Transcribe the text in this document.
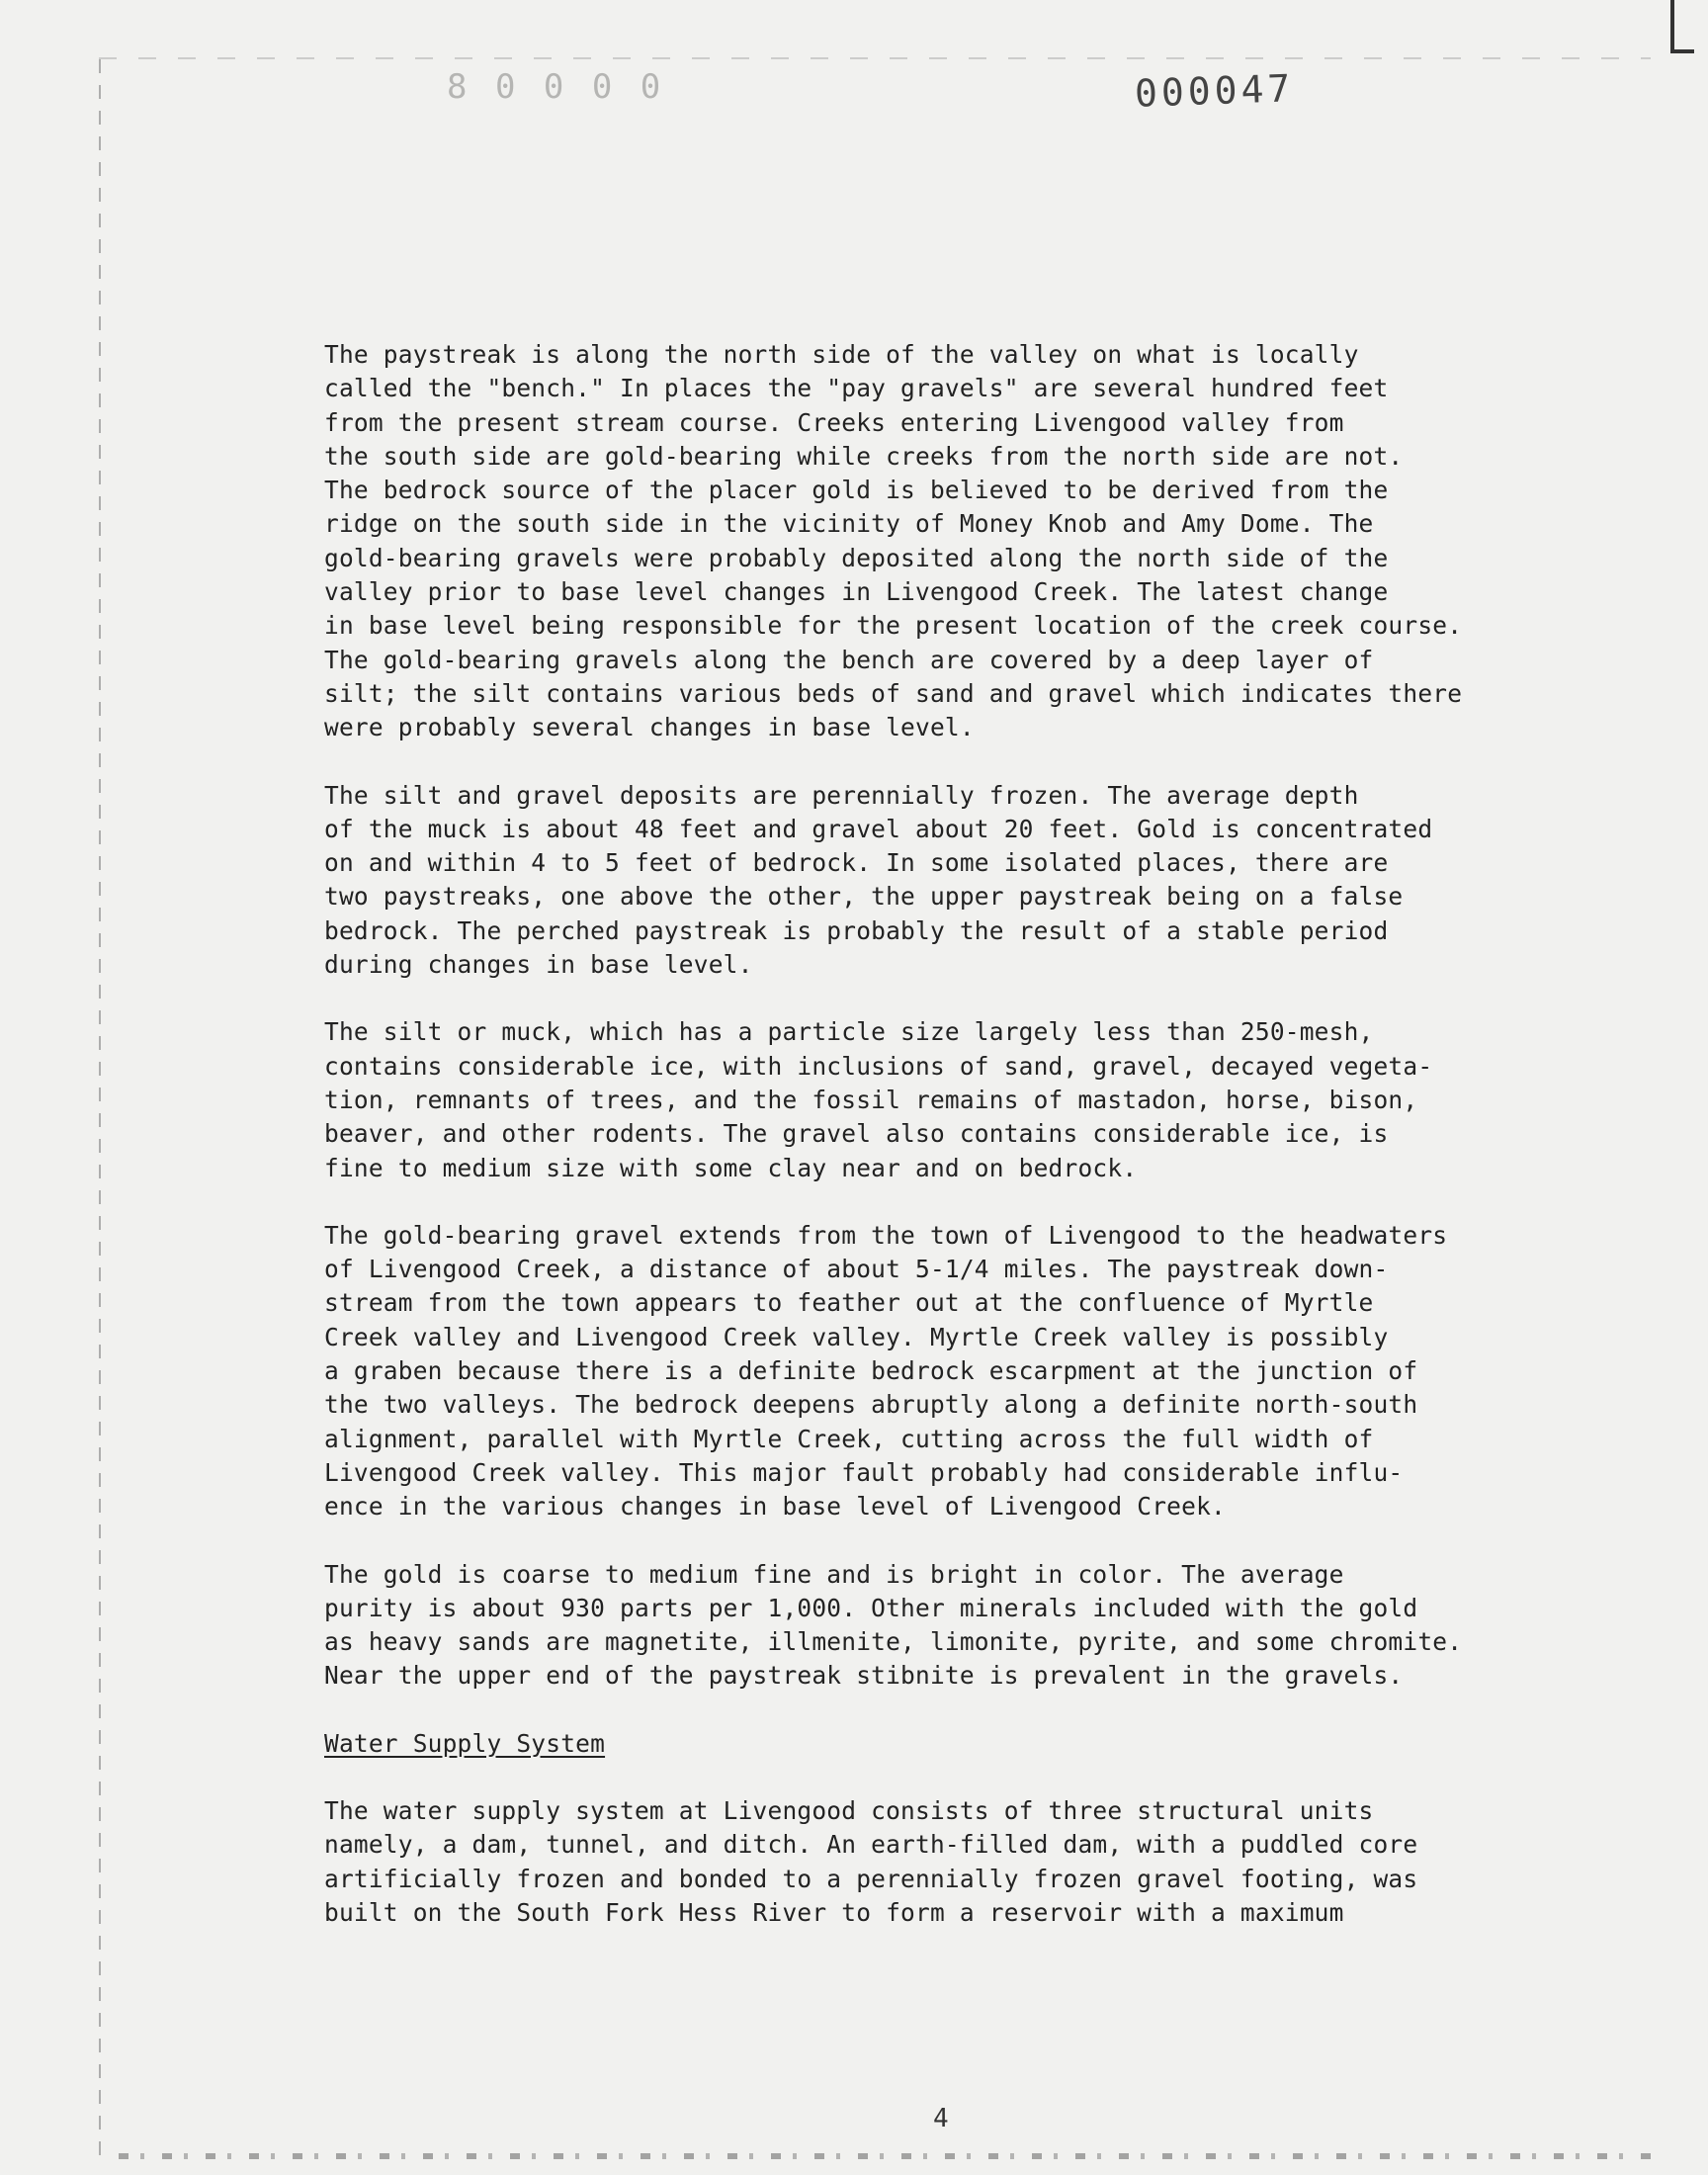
8 0 0 0 0	000047

The paystreak is along the north side of the valley on what is locally
called the "bench." In places the "pay gravels" are several hundred feet
from the present stream course. Creeks entering Livengood valley from
the south side are gold-bearing while creeks from the north side are not.
The bedrock source of the placer gold is believed to be derived from the
ridge on the south side in the vicinity of Money Knob and Amy Dome. The
gold-bearing gravels were probably deposited along the north side of the
valley prior to base level changes in Livengood Creek. The latest change
in base level being responsible for the present location of the creek course.
The gold-bearing gravels along the bench are covered by a deep layer of
silt; the silt contains various beds of sand and gravel which indicates there
were probably several changes in base level.

The silt and gravel deposits are perennially frozen. The average depth
of the muck is about 48 feet and gravel about 20 feet. Gold is concentrated
on and within 4 to 5 feet of bedrock. In some isolated places, there are
two paystreaks, one above the other, the upper paystreak being on a false
bedrock. The perched paystreak is probably the result of a stable period
during changes in base level.

The silt or muck, which has a particle size largely less than 250-mesh,
contains considerable ice, with inclusions of sand, gravel, decayed vegeta-
tion, remnants of trees, and the fossil remains of mastadon, horse, bison,
beaver, and other rodents. The gravel also contains considerable ice, is
fine to medium size with some clay near and on bedrock.

The gold-bearing gravel extends from the town of Livengood to the headwaters
of Livengood Creek, a distance of about 5-1/4 miles. The paystreak down-
stream from the town appears to feather out at the confluence of Myrtle
Creek valley and Livengood Creek valley. Myrtle Creek valley is possibly
a graben because there is a definite bedrock escarpment at the junction of
the two valleys. The bedrock deepens abruptly along a definite north-south
alignment, parallel with Myrtle Creek, cutting across the full width of
Livengood Creek valley. This major fault probably had considerable influ-
ence in the various changes in base level of Livengood Creek.

The gold is coarse to medium fine and is bright in color. The average
purity is about 930 parts per 1,000. Other minerals included with the gold
as heavy sands are magnetite, illmenite, limonite, pyrite, and some chromite.
Near the upper end of the paystreak stibnite is prevalent in the gravels.

Water Supply System

The water supply system at Livengood consists of three structural units
namely, a dam, tunnel, and ditch. An earth-filled dam, with a puddled core
artificially frozen and bonded to a perennially frozen gravel footing, was
built on the South Fork Hess River to form a reservoir with a maximum

4
